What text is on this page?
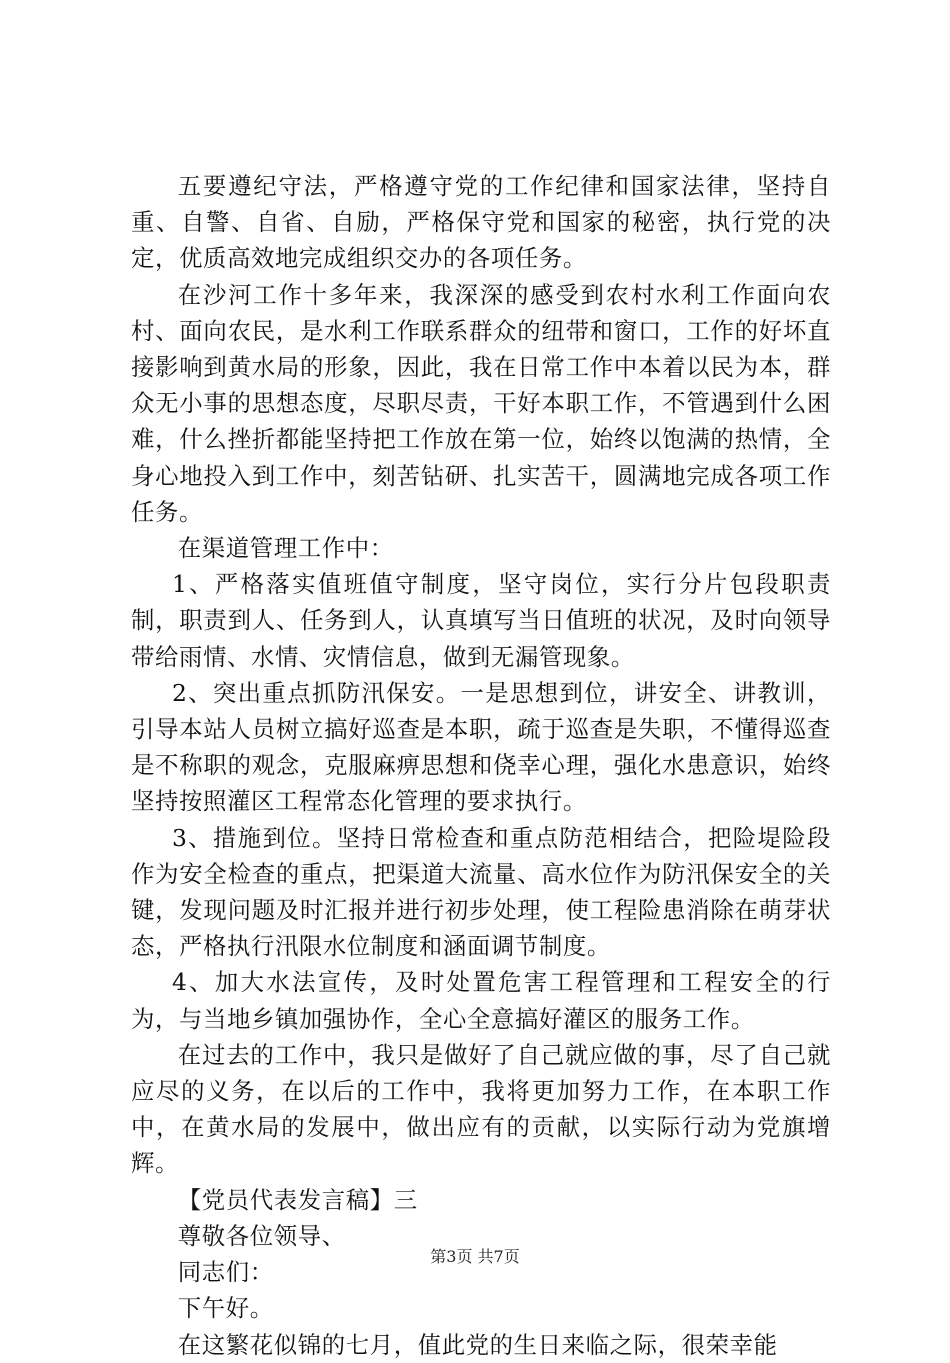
五要遵纪守法，严格遵守党的工作纪律和国家法律，坚持自重、自警、自省、自励，严格保守党和国家的秘密，执行党的决定，优质高效地完成组织交办的各项任务。

在沙河工作十多年来，我深深的感受到农村水利工作面向农村、面向农民，是水利工作联系群众的纽带和窗口，工作的好坏直接影响到黄水局的形象，因此，我在日常工作中本着以民为本，群众无小事的思想态度，尽职尽责，干好本职工作，不管遇到什么困难，什么挫折都能坚持把工作放在第一位，始终以饱满的热情，全身心地投入到工作中，刻苦钻研、扎实苦干，圆满地完成各项工作任务。

在渠道管理工作中：

1、严格落实值班值守制度，坚守岗位，实行分片包段职责制，职责到人、任务到人，认真填写当日值班的状况，及时向领导带给雨情、水情、灾情信息，做到无漏管现象。

2、突出重点抓防汛保安。一是思想到位，讲安全、讲教训，引导本站人员树立搞好巡查是本职，疏于巡查是失职，不懂得巡查是不称职的观念，克服麻痹思想和侥幸心理，强化水患意识，始终坚持按照灌区工程常态化管理的要求执行。

3、措施到位。坚持日常检查和重点防范相结合，把险堤险段作为安全检查的重点，把渠道大流量、高水位作为防汛保安全的关键，发现问题及时汇报并进行初步处理，使工程险患消除在萌芽状态，严格执行汛限水位制度和涵面调节制度。

4、加大水法宣传，及时处置危害工程管理和工程安全的行为，与当地乡镇加强协作，全心全意搞好灌区的服务工作。

在过去的工作中，我只是做好了自己就应做的事，尽了自己就应尽的义务，在以后的工作中，我将更加努力工作，在本职工作中，在黄水局的发展中，做出应有的贡献，以实际行动为党旗增辉。

【党员代表发言稿】三

尊敬各位领导、

同志们：

下午好。

在这繁花似锦的七月，值此党的生日来临之际，很荣幸能

第3页 共7页
